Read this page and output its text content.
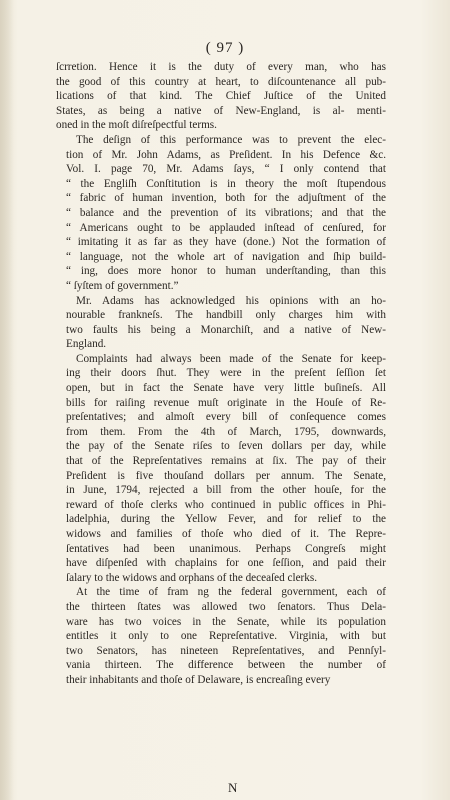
( 97 )
ſcrretion. Hence it is the duty of every man, who has
the good of this country at heart, to diſcountenance all pub-
lications of that kind. The Chief Juſtice of the United
States, as being a native of New-England, is al- menti-
oned in the moſt diſreſpectful terms.
The deſign of this performance was to prevent the elec-
tion of Mr. John Adams, as Preſident. In his Defence &c.
Vol. I. page 70, Mr. Adams ſays, “ I only contend that
“ the Engliſh Conſtitution is in theory the moſt ſtupendous
“ fabric of human invention, both for the adjuſtment of the
“ balance and the prevention of its vibrations; and that the
“ Americans ought to be applauded inſtead of cenſured, for
“ imitating it as far as they have (done.) Not the formation of
“ language, not the whole art of navigation and ſhip build-
“ ing, does more honor to human underſtanding, than this
“ ſyſtem of government.”
Mr. Adams has acknowledged his opinions with an ho-
nourable frankneſs. The handbill only charges him with
two faults his being a Monarchiſt, and a native of New-
England.
Complaints had always been made of the Senate for keep-
ing their doors ſhut. They were in the preſent ſeſſion ſet
open, but in fact the Senate have very little buſineſs. All
bills for raiſing revenue muſt originate in the Houſe of Re-
preſentatives; and almoſt every bill of conſequence comes
from them. From the 4th of March, 1795, downwards,
the pay of the Senate riſes to ſeven dollars per day, while
that of the Repreſentatives remains at ſix. The pay of their
Preſident is five thouſand dollars per annum. The Senate,
in June, 1794, rejected a bill from the other houſe, for the
reward of thoſe clerks who continued in public offices in Phi-
ladelphia, during the Yellow Fever, and for relief to the
widows and families of thoſe who died of it. The Repre-
ſentatives had been unanimous. Perhaps Congreſs might
have diſpenſed with chaplains for one ſeſſion, and paid their
ſalary to the widows and orphans of the deceaſed clerks.
At the time of fram ng the federal government, each of
the thirteen ſtates was allowed two ſenators. Thus Dela-
ware has two voices in the Senate, while its population
entitles it only to one Repreſentative. Virginia, with but
two Senators, has nineteen Repreſentatives, and Pennſyl-
vania thirteen. The difference between the number of
their inhabitants and thoſe of Delaware, is encreaſing every
N
